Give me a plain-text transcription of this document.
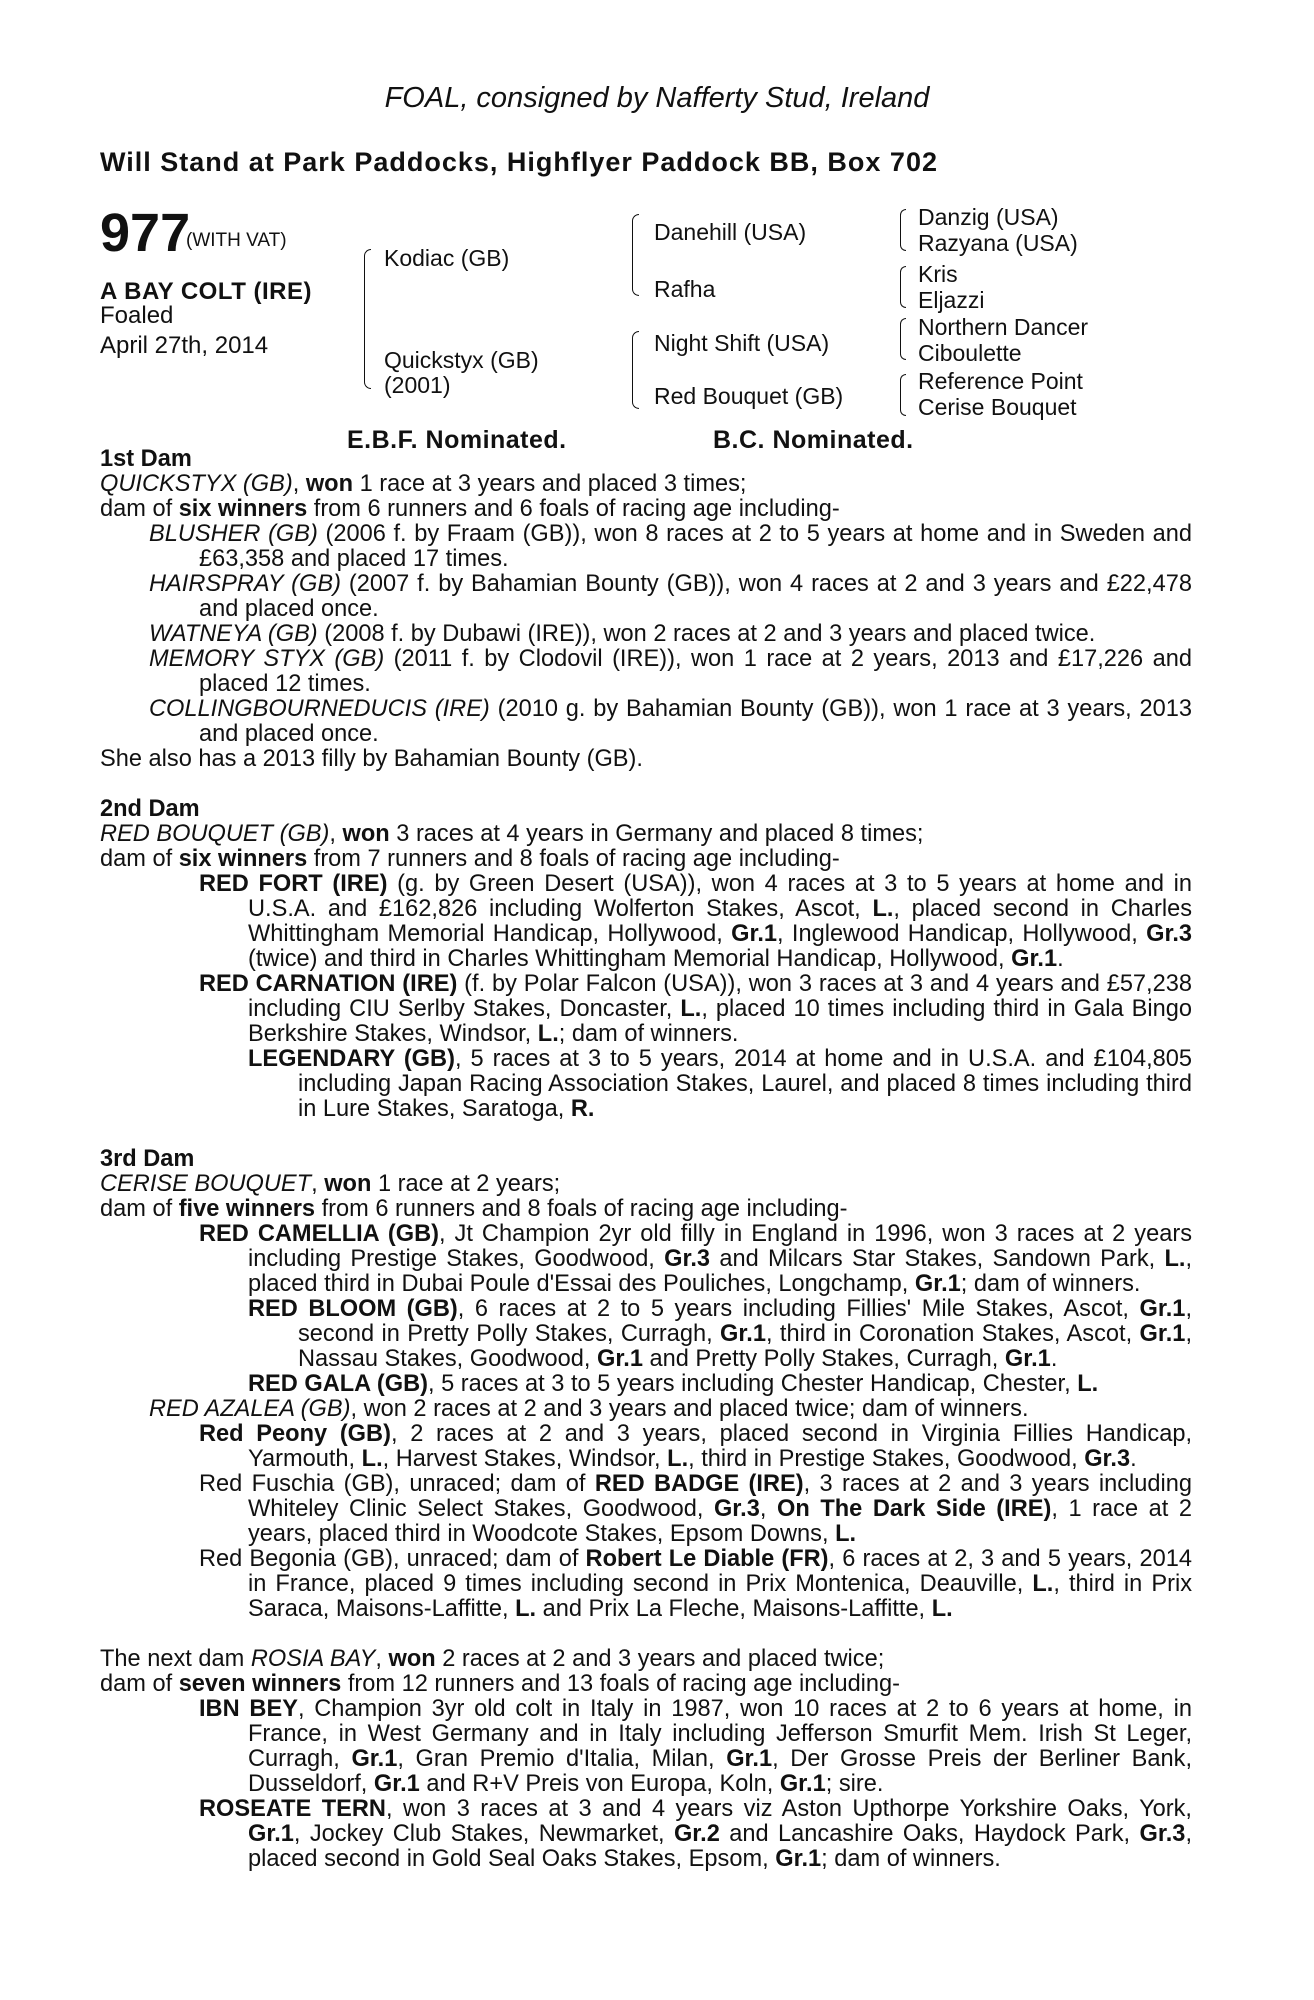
FOAL, consigned by Nafferty Stud, Ireland
Will Stand at Park Paddocks, Highflyer Paddock BB, Box 702
977
(WITH VAT)
A BAY COLT (IRE)
Foaled
April 27th, 2014
Kodiac (GB)
Quickstyx (GB)
(2001)
Danehill (USA)
Rafha
Night Shift (USA)
Red Bouquet (GB)
Danzig (USA)
Razyana (USA)
Kris
Eljazzi
Northern Dancer
Ciboulette
Reference Point
Cerise Bouquet
E.B.F. Nominated.	B.C. Nominated.
1st Dam
QUICKSTYX (GB), won 1 race at 3 years and placed 3 times;
dam of six winners from 6 runners and 6 foals of racing age including-
BLUSHER (GB) (2006 f. by Fraam (GB)), won 8 races at 2 to 5 years at home and in Sweden and £63,358 and placed 17 times.
HAIRSPRAY (GB) (2007 f. by Bahamian Bounty (GB)), won 4 races at 2 and 3 years and £22,478 and placed once.
WATNEYA (GB) (2008 f. by Dubawi (IRE)), won 2 races at 2 and 3 years and placed twice.
MEMORY STYX (GB) (2011 f. by Clodovil (IRE)), won 1 race at 2 years, 2013 and £17,226 and placed 12 times.
COLLINGBOURNEDUCIS (IRE) (2010 g. by Bahamian Bounty (GB)), won 1 race at 3 years, 2013 and placed once.
She also has a 2013 filly by Bahamian Bounty (GB).
2nd Dam
RED BOUQUET (GB), won 3 races at 4 years in Germany and placed 8 times;
dam of six winners from 7 runners and 8 foals of racing age including-
RED FORT (IRE) (g. by Green Desert (USA)), won 4 races at 3 to 5 years at home and in U.S.A. and £162,826 including Wolferton Stakes, Ascot, L., placed second in Charles Whittingham Memorial Handicap, Hollywood, Gr.1, Inglewood Handicap, Hollywood, Gr.3 (twice) and third in Charles Whittingham Memorial Handicap, Hollywood, Gr.1.
RED CARNATION (IRE) (f. by Polar Falcon (USA)), won 3 races at 3 and 4 years and £57,238 including CIU Serlby Stakes, Doncaster, L., placed 10 times including third in Gala Bingo Berkshire Stakes, Windsor, L.; dam of winners.
LEGENDARY (GB), 5 races at 3 to 5 years, 2014 at home and in U.S.A. and £104,805 including Japan Racing Association Stakes, Laurel, and placed 8 times including third in Lure Stakes, Saratoga, R.
3rd Dam
CERISE BOUQUET, won 1 race at 2 years;
dam of five winners from 6 runners and 8 foals of racing age including-
RED CAMELLIA (GB), Jt Champion 2yr old filly in England in 1996, won 3 races at 2 years including Prestige Stakes, Goodwood, Gr.3 and Milcars Star Stakes, Sandown Park, L., placed third in Dubai Poule d'Essai des Pouliches, Longchamp, Gr.1; dam of winners.
RED BLOOM (GB), 6 races at 2 to 5 years including Fillies' Mile Stakes, Ascot, Gr.1, second in Pretty Polly Stakes, Curragh, Gr.1, third in Coronation Stakes, Ascot, Gr.1, Nassau Stakes, Goodwood, Gr.1 and Pretty Polly Stakes, Curragh, Gr.1.
RED GALA (GB), 5 races at 3 to 5 years including Chester Handicap, Chester, L.
RED AZALEA (GB), won 2 races at 2 and 3 years and placed twice; dam of winners.
Red Peony (GB), 2 races at 2 and 3 years, placed second in Virginia Fillies Handicap, Yarmouth, L., Harvest Stakes, Windsor, L., third in Prestige Stakes, Goodwood, Gr.3.
Red Fuschia (GB), unraced; dam of RED BADGE (IRE), 3 races at 2 and 3 years including Whiteley Clinic Select Stakes, Goodwood, Gr.3, On The Dark Side (IRE), 1 race at 2 years, placed third in Woodcote Stakes, Epsom Downs, L.
Red Begonia (GB), unraced; dam of Robert Le Diable (FR), 6 races at 2, 3 and 5 years, 2014 in France, placed 9 times including second in Prix Montenica, Deauville, L., third in Prix Saraca, Maisons-Laffitte, L. and Prix La Fleche, Maisons-Laffitte, L.
The next dam ROSIA BAY, won 2 races at 2 and 3 years and placed twice;
dam of seven winners from 12 runners and 13 foals of racing age including-
IBN BEY, Champion 3yr old colt in Italy in 1987, won 10 races at 2 to 6 years at home, in France, in West Germany and in Italy including Jefferson Smurfit Mem. Irish St Leger, Curragh, Gr.1, Gran Premio d'Italia, Milan, Gr.1, Der Grosse Preis der Berliner Bank, Dusseldorf, Gr.1 and R+V Preis von Europa, Koln, Gr.1; sire.
ROSEATE TERN, won 3 races at 3 and 4 years viz Aston Upthorpe Yorkshire Oaks, York, Gr.1, Jockey Club Stakes, Newmarket, Gr.2 and Lancashire Oaks, Haydock Park, Gr.3, placed second in Gold Seal Oaks Stakes, Epsom, Gr.1; dam of winners.
